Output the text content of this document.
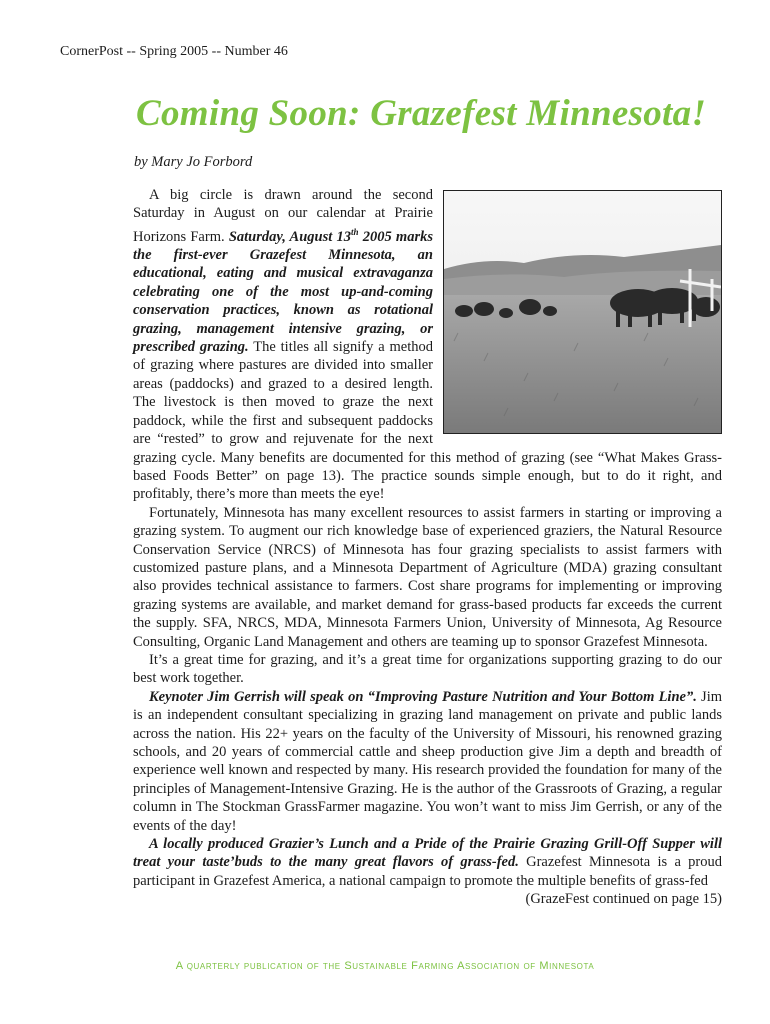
CornerPost -- Spring 2005 -- Number 46
Coming Soon: Grazefest Minnesota!
by Mary Jo Forbord

A big circle is drawn around the second Saturday in August on our calendar at Prairie Horizons Farm. Saturday, August 13th 2005 marks the first-ever Grazefest Minnesota, an educational, eating and musical extravaganza celebrating one of the most up-and-coming conservation practices, known as rotational grazing, management intensive grazing, or prescribed grazing. The titles all signify a method of grazing where pastures are divided into smaller areas (paddocks) and grazed to a desired length. The livestock is then moved to graze the next paddock, while the first and subsequent paddocks are “rested” to grow and rejuvenate for the next grazing cycle. Many benefits are documented for this method of grazing (see “What Makes Grass-based Foods Better” on page 13). The practice sounds simple enough, but to do it right, and profitably, there’s more than meets the eye!

Fortunately, Minnesota has many excellent resources to assist farmers in starting or improving a grazing system. To augment our rich knowledge base of experienced graziers, the Natural Resource Conservation Service (NRCS) of Minnesota has four grazing specialists to assist farmers with customized pasture plans, and a Minnesota Department of Agriculture (MDA) grazing consultant also provides technical assistance to farmers. Cost share programs for implementing or improving grazing systems are available, and market demand for grass-based products far exceeds the current the supply. SFA, NRCS, MDA, Minnesota Farmers Union, University of Minnesota, Ag Resource Consulting, Organic Land Management and others are teaming up to sponsor Grazefest Minnesota.

It’s a great time for grazing, and it’s a great time for organizations supporting grazing to do our best work together.

Keynoter Jim Gerrish will speak on “Improving Pasture Nutrition and Your Bottom Line”. Jim is an independent consultant specializing in grazing land management on private and public lands across the nation. His 22+ years on the faculty of the University of Missouri, his renowned grazing schools, and 20 years of commercial cattle and sheep production give Jim a depth and breadth of experience well known and respected by many. His research provided the foundation for many of the principles of Management-Intensive Grazing. He is the author of the Grassroots of Grazing, a regular column in The Stockman GrassFarmer magazine. You won’t want to miss Jim Gerrish, or any of the events of the day!

A locally produced Grazier’s Lunch and a Pride of the Prairie Grazing Grill-Off Supper will treat your taste’buds to the many great flavors of grass-fed. Grazefest Minnesota is a proud participant in Grazefest America, a national campaign to promote the multiple benefits of grass-fed

(GrazeFest continued on page 15)

A quarterly publication of the Sustainable Farming Association of Minnesota
